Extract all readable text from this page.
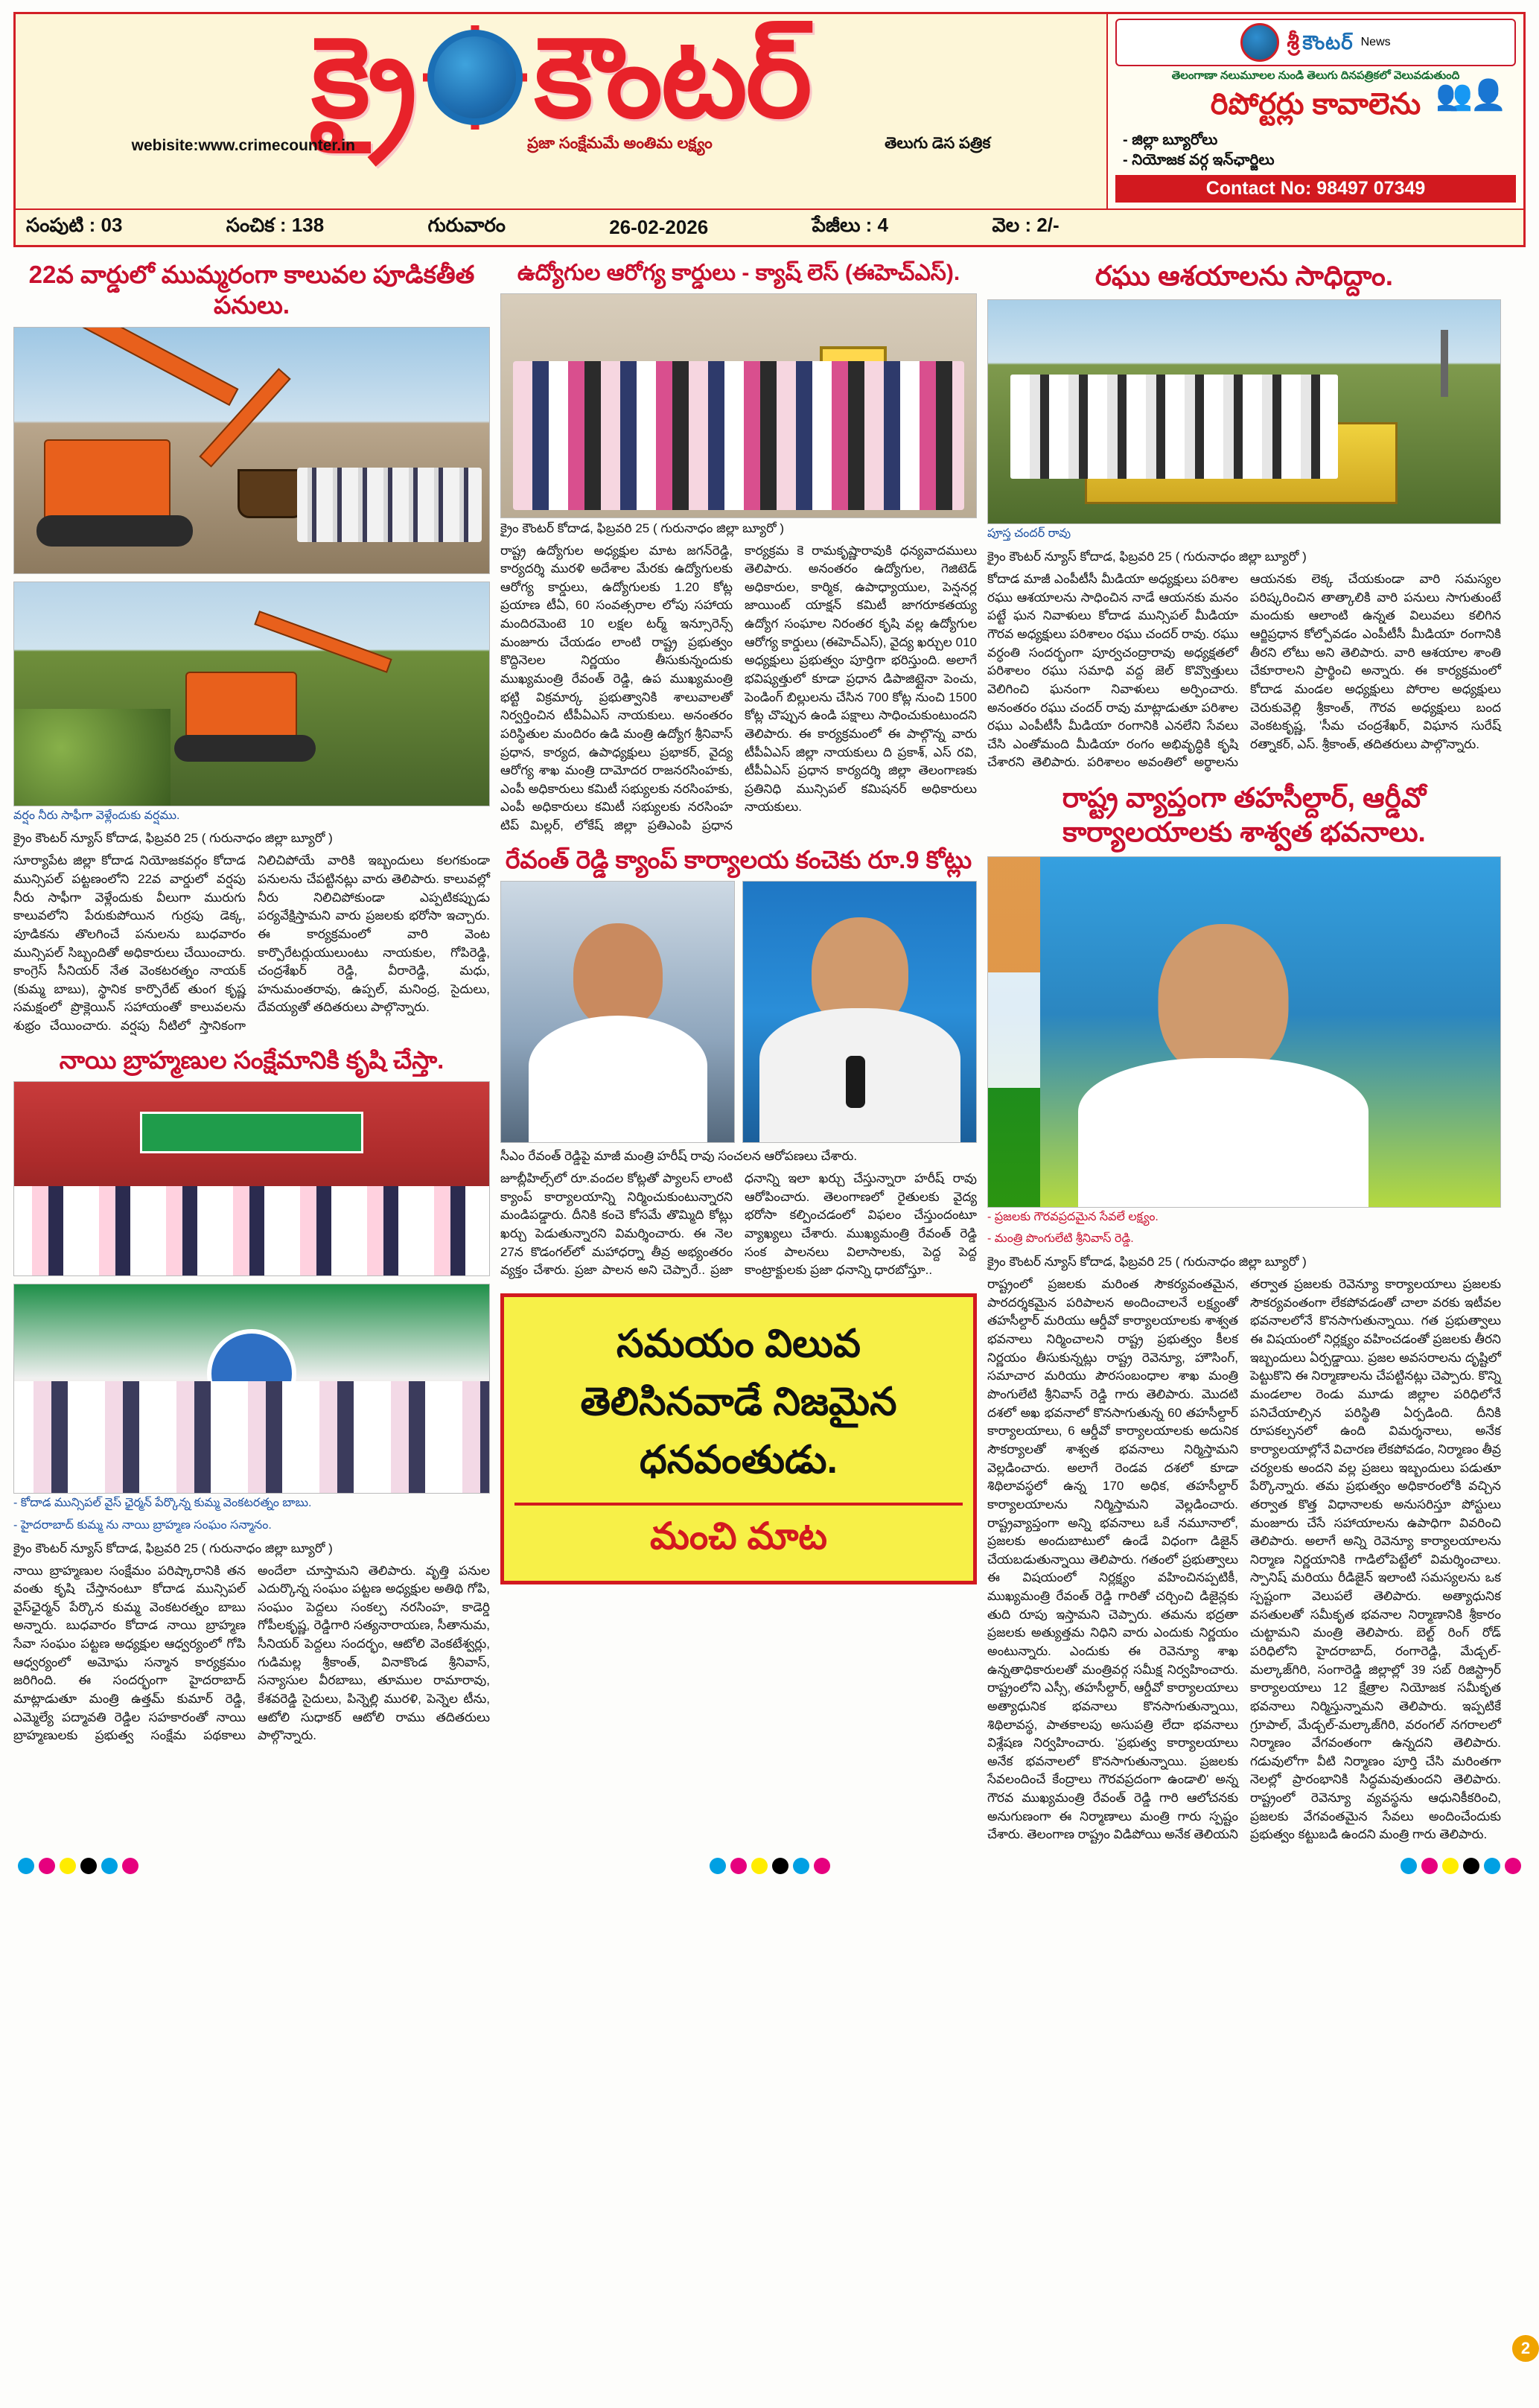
క్రై కౌంటర్
webisite:www.crimecounter.in	ప్రజా సంక్షేమమే అంతిమ లక్ష్యం	తెలుగు డెస పత్రిక
శ్రీ కౌంటర్ News
తెలంగాణా నలుమూలల నుండి తెలుగు దినపత్రికలో వెలువడుతుంది
రిపోర్టర్లు కావాలెను
- జిల్లా బ్యూరోలు
- నియోజక వర్గ ఇన్‌ఛార్జిలు
👥👤
Contact No: 98497 07349
సంపుటి : 03	సంచిక : 138	గురువారం	26-02-2026	పేజీలు : 4	వెల : 2/-
22వ వార్డులో ముమ్మరంగా కాలువల పూడికతీత పనులు.
వర్షం నీరు సాఫీగా వెళ్లేందుకు వర్షము.
క్రైం కౌంటర్ న్యూస్ కోదాడ, ఫిబ్రవరి 25 ( గురునాధం జిల్లా బ్యూరో )
సూర్యాపేట జిల్లా కోదాడ నియోజకవర్గం కోదాడ మున్సిపల్ పట్టణంలోని 22వ వార్డులో వర్షపు నీరు సాఫీగా వెళ్లేందుకు వీలుగా మురుగు కాలువలోని పేరుకుపోయిన గుర్రపు డెక్క, పూడికను తొలగించే పనులను బుధవారం మున్సిపల్ సిబ్బందితో అధికారులు చేయించారు. కాంగ్రెస్ సీనియర్ నేత వెంకటరత్నం నాయక్ (కుమ్మ బాబు), స్థానిక కార్పొరేట్ తుంగ కృష్ణ సమక్షంలో ప్రొక్లెయిన్ సహాయంతో కాలువలను శుభ్రం చేయించారు. వర్షపు నీటిలో స్తానికంగా నిలిచిపోయే వారికి ఇబ్బందులు కలగకుండా పనులను చేపట్టినట్లు వారు తెలిపారు. కాలువల్లో నీరు నిలిచిపోకుండా ఎప్పటికప్పుడు పర్యవేక్షిస్తామని వారు ప్రజలకు భరోసా ఇచ్చారు. ఈ కార్యక్రమంలో వారి వెంట కార్పొరేటర్లుయులుంటు నాయకుల, గోపిరెడ్డి, చంద్రశేఖర్ రెడ్డి, వీరారెడ్డి, మధు, హనుమంతరావు, ఉప్పల్, మనింద్ర, సైదులు, దేవయ్యతో తదితరులు పాల్గొన్నారు.
నాయి బ్రాహ్మణుల సంక్షేమానికి కృషి చేస్తా.
- కోదాడ మున్సిపల్ వైస్ ఛైర్మన్ పేర్కొన్న కుమ్మ వెంకటరత్నం బాబు.
- హైదరాబాద్ కుమ్మ ను నాయి బ్రాహ్మణ సంఘం సన్మానం.
క్రైం కౌంటర్ న్యూస్ కోదాడ, ఫిబ్రవరి 25 ( గురునాధం జిల్లా బ్యూరో )
నాయి బ్రాహ్మణుల సంక్షేమం పరిష్కారానికి తన వంతు కృషి చేస్తానంటూ కోదాడ మున్సిపల్ వైస్‌ఛైర్మన్ పేర్కొన కుమ్మ వెంకటరత్నం బాబు అన్నారు. బుధవారం కోదాడ నాయి బ్రాహ్మణ సేవా సంఘం పట్టణ అధ్యక్షుల ఆధ్వర్యంలో గోపి ఆధ్వర్యంలో అమోఘ సన్మాన కార్యక్రమం జరిగింది. ఈ సందర్భంగా హైదరాబాద్ మాట్లాడుతూ మంత్రి ఉత్తమ్ కుమార్ రెడ్డి, ఎమ్మెల్యే పద్మావతి రెడ్డిల సహకారంతో నాయి బ్రాహ్మణులకు ప్రభుత్వ సంక్షేమ పథకాలు అందేలా చూస్తామని తెలిపారు. వృత్తి పనుల ఎదుర్కొన్న సంఘం పట్టణ అధ్యక్షుల అతిథి గోపి, సంఘం పెద్దలు సంకల్ప నరసింహ, కాడెర్డి గోపీలకృష్ణ, రెడ్డిగారి సత్యనారాయణ, సీతానుమ, సీనియర్ పెద్దలు సందర్భం, ఆటోలి వెంకటేశ్వర్లు, గుడిమల్ల శ్రీకాంత్, వినాకొండ శ్రీనివాస్, సన్యాసుల వీరబాబు, తూముల రామారావు, కేశవరెడ్డి సైదులు, పిన్నెల్లి మురళి, పెన్నెల టీను, ఆటోలి సుధాకర్ ఆటోలి రాము తదితరులు పాల్గొన్నారు.
ఉద్యోగుల ఆరోగ్య కార్డులు - క్యాష్ లెస్ (ఈహెచ్‌ఎస్).
క్రైం కౌంటర్ కోదాడ, ఫిబ్రవరి 25 ( గురునాధం జిల్లా బ్యూరో )
రాష్ట్ర ఉద్యోగుల అధ్యక్షుల మాట జగన్‌రెడ్డి, కార్యదర్శి మురళి అదేశాల మేరకు ఉద్యోగులకు ఆరోగ్య కార్డులు, ఉద్యోగులకు 1.20 కోట్ల ప్రయాణ టీఏ, 60 సంవత్సరాల లోపు సహాయ మందిరమెంటె 10 లక్షల టర్మ్ ఇన్సూరెన్స్ మంజూరు చేయడం లాంటి రాష్ట్ర ప్రభుత్వం కొద్దినెలల నిర్ణయం తీసుకున్నందుకు ముఖ్యమంత్రి రేవంత్ రెడ్డి, ఉప ముఖ్యమంత్రి భట్టి విక్రమార్క ప్రభుత్వానికి శాలువాలతో నిర్వర్తించిన టీపీఏఎస్ నాయకులు. అనంతరం పరిస్థితుల మందిరం ఉడి మంత్రి ఉద్యోగ శ్రీనివాస్ ప్రధాన, కార్యద, ఉపాధ్యక్షులు ప్రభాకర్, వైద్య ఆరోగ్య శాఖ మంత్రి దామోదర రాజనరసింహకు, ఎంపీ అధికారులు కమిటీ సభ్యులకు నరసింహకు, ఎంపీ అధికారులు కమిటీ సభ్యులకు నరసింహ టిప్ మిల్లర్, లోకేష్ జిల్లా ప్రతిఎంపి ప్రధాన కార్యక్రమ కె రామకృష్ణారావుకి ధన్యవాదములు తెలిపారు. అనంతరం ఉద్యోగుల, గెజిటెడ్ అధికారుల, కార్మిక, ఉపాధ్యాయుల, పెన్షనర్ల జాయింట్ యాక్షన్ కమిటీ జాగరూకతయ్య ఉద్యోగ సంఘాల నిరంతర కృషి వల్ల ఉద్యోగుల ఆరోగ్య కార్డులు (ఈహెచ్‌ఎస్), వైద్య ఖర్చుల 010 అధ్యక్షులు ప్రభుత్వం పూర్తిగా భరిస్తుంది. అలాగే భవిష్యత్తులో కూడా ప్రధాన డిపాజిట్లైనా పెంచు, పెండింగ్ బిల్లులను చేసిన 700 కోట్ల నుంచి 1500 కోట్ల చొప్పున ఉండి పక్షాలు సాధించుకుంటుందని తెలిపారు. ఈ కార్యక్రమంలో ఈ పాల్గొన్న వారు టీపీఏఎస్ జిల్లా నాయకులు ది ప్రకాశ్, ఎస్ రవి, టీపీఏఎస్ ప్రధాన కార్యదర్శి జిల్లా తెలంగాణకు ప్రతినిధి మున్సిపల్ కమిషనర్ అధికారులు నాయకులు.
రేవంత్ రెడ్డి క్యాంప్ కార్యాలయ కంచెకు రూ.9 కోట్లు
సీఎం రేవంత్ రెడ్డిపై మాజీ మంత్రి హరీష్ రావు సంచలన ఆరోపణలు చేశారు.
జూబ్లీహిల్స్‌లో రూ.వందల కోట్లతో ప్యాలస్ లాంటి క్యాంప్ కార్యాలయాన్ని నిర్మించుకుంటున్నారని మండిపడ్డారు. దీనికి కంచె కోసమే తొమ్మిది కోట్లు ఖర్చు పెడుతున్నారని విమర్శించారు. ఈ నెల 27న కొడంగల్‌లో మహాధర్నా తీవ్ర అభ్యంతరం వ్యక్తం చేశారు. ప్రజా పాలన అని చెప్పారే.. ప్రజా ధనాన్ని ఇలా ఖర్చు చేస్తున్నారా హరీష్ రావు ఆరోపించారు. తెలంగాణలో రైతులకు వైద్య భరోసా కల్పించడంలో విఫలం చేస్తుందంటూ వ్యాఖ్యలు చేశారు. ముఖ్యమంత్రి రేవంత్ రెడ్డి సంక పాలనలు విలాసాలకు, పెద్ద పెద్ద కాంట్రాక్టులకు ప్రజా ధనాన్ని ధారబోస్తూ..
సమయం విలువ
తెలిసినవాడే నిజమైన
ధనవంతుడు.
మంచి మాట
రఘు ఆశయాలను సాధిద్దాం.
పూస్త చందర్ రావు
క్రైం కౌంటర్ న్యూస్ కోదాడ, ఫిబ్రవరి 25 ( గురునాధం జిల్లా బ్యూరో )
కోదాడ మాజీ ఎంపీటీసీ మీడియా అధ్యక్షులు పరిశాల రఘు ఆశయాలను సాధించిన నాడే ఆయనకు మనం పట్టే ఘన నివాళులు కోదాడ మున్సిపల్ మీడియా గౌరవ అధ్యక్షులు పరిశాలం రఘు చందర్ రావు. రఘు వర్ధంతి సందర్భంగా పూర్వచంద్రారావు అధ్యక్షతలో పరిశాలం రఘు సమాధి వద్ద జెల్ కొవ్వొత్తులు వెలిగించి ఘనంగా నివాళులు అర్పించారు. అనంతరం రఘు చందర్ రావు మాట్లాడుతూ పరిశాల రఘు ఎంపీటీసీ మీడియా రంగానికి ఎనలేని సేవలు చేసి ఎంతోమంది మీడియా రంగం అభివృద్ధికి కృషి చేశారని తెలిపారు. పరిశాలం అవంతిలో అర్థాలను ఆయనకు లెక్క చేయకుండా వారి సమస్యల పరిష్కరించిన తాత్కాలికి వారి పనులు సాగుతుంటే మందుకు ఆలాంటి ఉన్నత విలువలు కలిగిన ఆర్జిప్రధాన కోల్పోవడం ఎంపీటీసీ మీడియా రంగానికి తీరని లోటు అని తెలిపారు. వారి ఆశయాల శాంతి చేకూరాలని ప్రార్థించి అన్నారు. ఈ కార్యక్రమంలో కోదాడ మండల అధ్యక్షులు పోరాల అధ్యక్షులు చెరుకువెల్లి శ్రీకాంత్, గౌరవ అధ్యక్షులు బంద వెంకటకృష్ణ, 'సీమ చంద్రశేఖర్, విఘాన సురేష్ రత్నాకర్, ఎస్. శ్రీకాంత్, తదితరులు పాల్గొన్నారు.
రాష్ట్ర వ్యాప్తంగా తహసీల్దార్, ఆర్డీవో కార్యాలయాలకు శాశ్వత భవనాలు.
- ప్రజలకు గౌరవప్రదమైన సేవలే లక్ష్యం.
- మంత్రి పొంగులేటి శ్రీనివాస్ రెడ్డి.
క్రైం కౌంటర్ న్యూస్ కోదాడ, ఫిబ్రవరి 25 ( గురునాధం జిల్లా బ్యూరో )
రాష్ట్రంలో ప్రజలకు మరింత సౌకర్యవంతమైన, పారదర్శకమైన పరిపాలన అందించాలనే లక్ష్యంతో తహసీల్దార్ మరియు ఆర్డీవో కార్యాలయాలకు శాశ్వత భవనాలు నిర్మించాలని రాష్ట్ర ప్రభుత్వం కీలక నిర్ణయం తీసుకున్నట్లు రాష్ట్ర రెవెన్యూ, హౌసింగ్, సమాచార మరియు పౌరసంబంధాల శాఖ మంత్రి పొంగులేటి శ్రీనివాస్ రెడ్డి గారు తెలిపారు. మొదటి దశలో అఖ భవనాలో కొనసాగుతున్న 60 తహసీల్దార్ కార్యాలయాలు, 6 ఆర్డీవో కార్యాలయాలకు అదునిక సౌకర్యాలతో శాశ్వత భవనాలు నిర్మిస్తామని వెల్లడించారు. అలాగే రెండవ దశలో కూడా శిథిలావస్థలో ఉన్న 170 అధిక, తహసీల్దార్ కార్యాలయాలను నిర్మిస్తామని వెల్లడించారు. రాష్ట్రవ్యాప్తంగా అన్ని భవనాలు ఒకే నమూనాలో, ప్రజలకు అందుబాటులో ఉండే విధంగా డిజైన్ చేయబడుతున్నాయి తెలిపారు. గతంలో ప్రభుత్వాలు ఈ విషయంలో నిర్లక్ష్యం వహించినప్పటికీ, ముఖ్యమంత్రి రేవంత్ రెడ్డి గారితో చర్చించి డిజైన్లకు తుది రూపు ఇస్తామని చెప్పారు. తమను భద్రతా ప్రజలకు అత్యుత్తమ నిధిని వారు ఎందుకు నిర్ణయం అంటున్నారు. ఎందుకు ఈ రెవెన్యూ శాఖ ఉన్నతాధికారులతో మంత్రివర్గ సమీక్ష నిర్వహించారు. రాష్ట్రంలోని ఎస్సీ, తహసీల్దార్, ఆర్డీవో కార్యాలయాలు అత్యాధునిక భవనాలు కొనసాగుతున్నాయి, శిథిలావస్థ, పాతకాలపు అసుపత్రి లేదా భవనాలు విశ్లేషణ నిర్వహించారు. 'ప్రభుత్వ కార్యాలయాలు అనేక భవనాలలో కొనసాగుతున్నాయి. ప్రజలకు సేవలందించే కేంద్రాలు గౌరవప్రదంగా ఉండాలి' అన్న గౌరవ ముఖ్యమంత్రి రేవంత్ రెడ్డి గారి ఆలోచనకు అనుగుణంగా ఈ నిర్మాణాలు మంత్రి గారు స్పష్టం చేశారు. తెలంగాణ రాష్ట్రం విడిపోయి అనేక తెలియని తర్వాత ప్రజలకు రెవెన్యూ కార్యాలయాలు ప్రజలకు సౌకర్యవంతంగా లేకపోవడంతో చాలా వరకు ఇటీవల భవనాలలోనే కొనసాగుతున్నాయి. గత ప్రభుత్వాలు ఈ విషయంలో నిర్లక్ష్యం వహించడంతో ప్రజలకు తీరని ఇబ్బందులు ఏర్పడ్డాయి. ప్రజల అవసరాలను దృష్టిలో పెట్టుకొని ఈ నిర్మాణాలను చేపట్టినట్లు చెప్పారు. కొన్ని మండలాల రెండు మూడు జిల్లాల పరిధిలోనే పనిచేయాల్సిన పరిస్థితి ఏర్పడింది. దీనికి రూపకల్పనలో ఉంది విమర్శనాలు, అనేక కార్యాలయాల్లోనే విచారణ లేకపోవడం, నిర్మాణం తీవ్ర చర్యలకు అందని వల్ల ప్రజలు ఇబ్బందులు పడుతూ పేర్కొన్నారు. తమ ప్రభుత్వం అధికారంలోకి వచ్చిన తర్వాత కొత్త విధానాలకు అనుసరిస్తూ పోస్టులు మంజూరు చేసే సహాయాలను ఉపాధిగా వివరించి తెలిపారు. అలాగే అన్ని రెవెన్యూ కార్యాలయాలను నిర్మాణ నిర్ణయానికి గాడిలోపెట్టేలో విమర్శించాలు. స్పానిష్ మరియు రీడిజైన్ ఇలాంటి సమస్యలను ఒక స్పష్టంగా వెలుపలే తెలిపారు. అత్యాధునిక వసతులతో సమీకృత భవనాల నిర్మాణానికి శ్రీకారం చుట్టామని మంత్రి తెలిపారు. బెల్ట్ రింగ్ రోడ్ పరిధిలోని హైదరాబాద్, రంగారెడ్డి, మేడ్చల్-మల్కాజ్‌గిరి, సంగారెడ్డి జిల్లాల్లో 39 సబ్ రిజిస్ట్రార్ కార్యాలయాలు 12 క్షేత్రాల నియోజక సమీకృత భవనాలు నిర్మిస్తున్నామని తెలిపారు. ఇప్పటికే గ్రూపాల్, మేడ్చల్-మల్కాజ్‌గిరి, వరంగల్ నగరాలలో నిర్మాణం వేగవంతంగా ఉన్నదని తెలిపారు. గడువులోగా వీటి నిర్మాణం పూర్తి చేసి మరింతగా నెలల్లో ప్రారంభానికి సిద్ధమవుతుందని తెలిపారు. రాష్ట్రంలో రెవెన్యూ వ్యవస్థను ఆధునికీకరించి, ప్రజలకు వేగవంతమైన సేవలు అందించేందుకు ప్రభుత్వం కట్టుబడి ఉందని మంత్రి గారు తెలిపారు.
2
